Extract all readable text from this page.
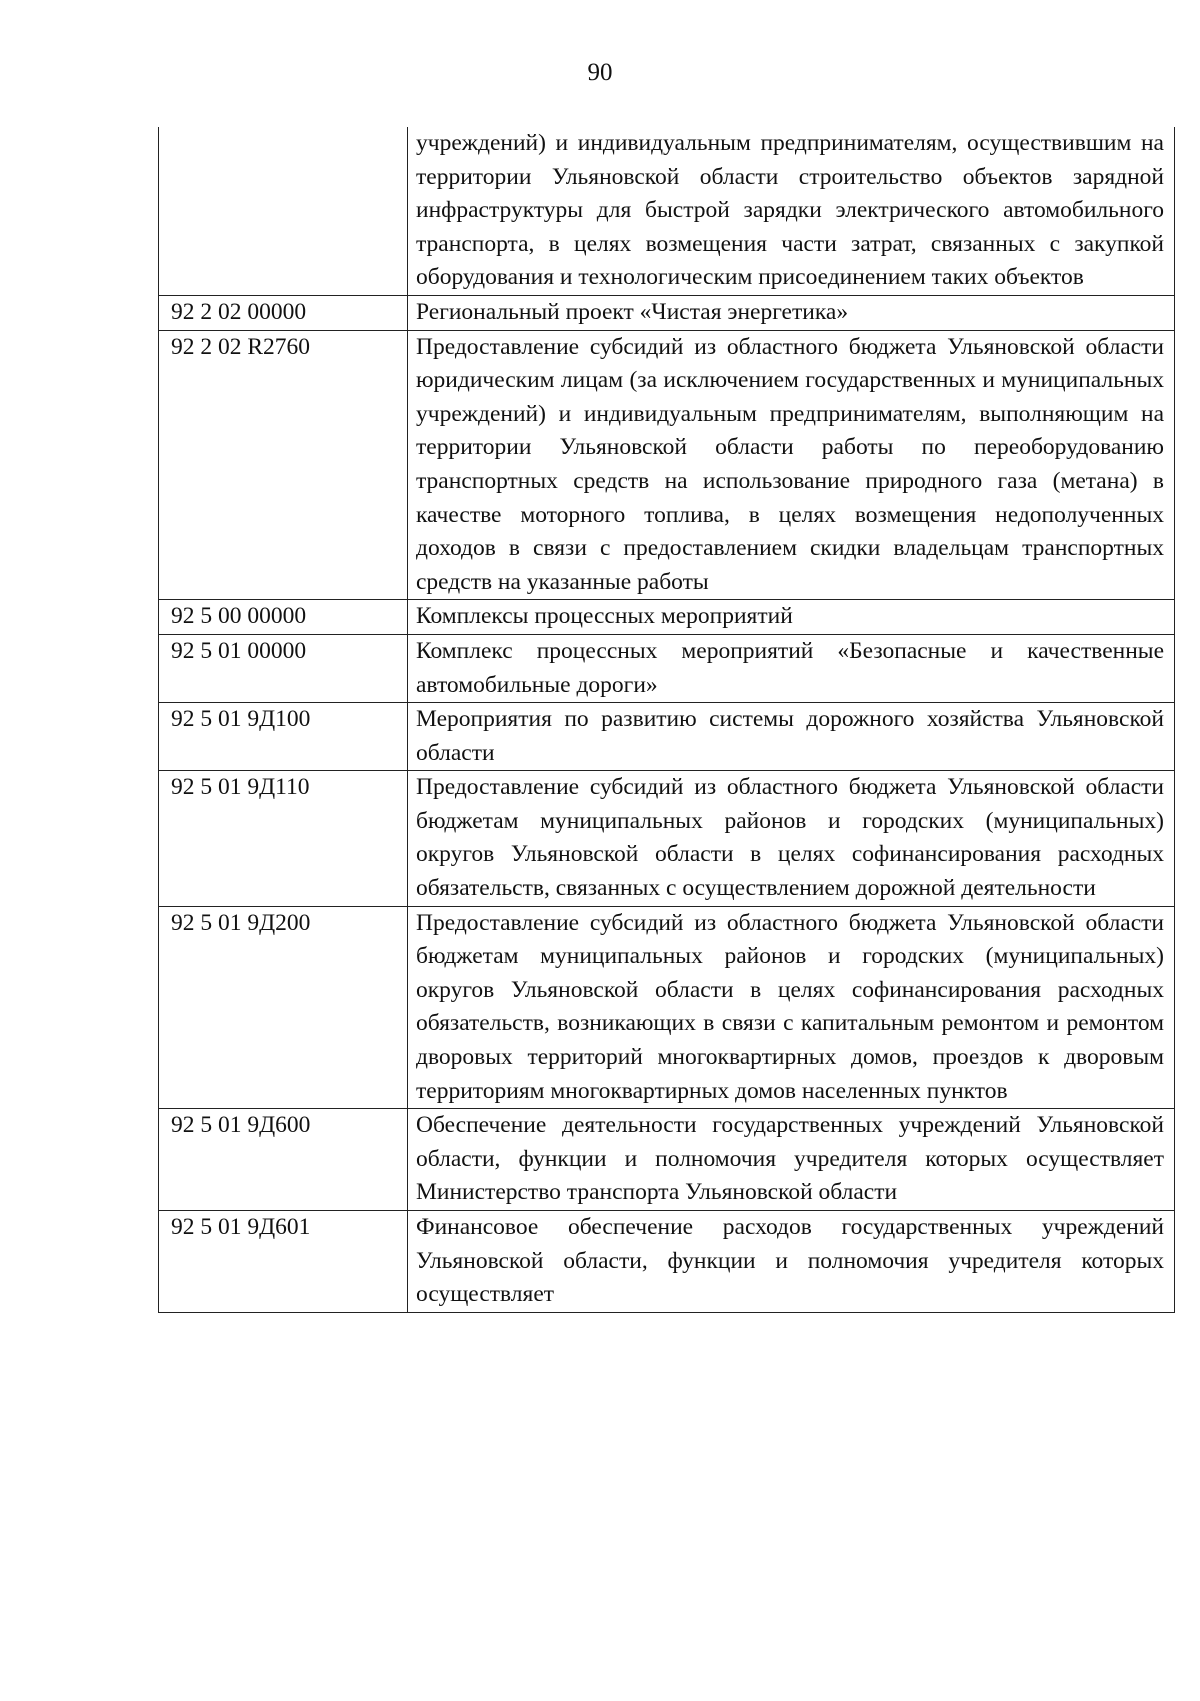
90
	учреждений) и индивидуальным предпринимателям, осуществившим на территории Ульяновской области строительство объектов зарядной инфраструктуры для быстрой зарядки электрического автомобильного транспорта, в целях возмещения части затрат, связанных с закупкой оборудования и технологическим присоединением таких объектов
92 2 02 00000	Региональный проект «Чистая энергетика»
92 2 02 R2760	Предоставление субсидий из областного бюджета Ульяновской области юридическим лицам (за исключением государственных и муниципальных учреждений) и индивидуальным предпринимателям, выполняющим на территории Ульяновской области работы по переоборудованию транспортных средств на использование природного газа (метана) в качестве моторного топлива, в целях возмещения недополученных доходов в связи с предоставлением скидки владельцам транспортных средств на указанные работы
92 5 00 00000	Комплексы процессных мероприятий
92 5 01 00000	Комплекс процессных мероприятий «Безопасные и качественные автомобильные дороги»
92 5 01 9Д100	Мероприятия по развитию системы дорожного хозяйства Ульяновской области
92 5 01 9Д110	Предоставление субсидий из областного бюджета Ульяновской области бюджетам муниципальных районов и городских (муниципальных) округов Ульяновской области в целях софинансирования расходных обязательств, связанных с осуществлением дорожной деятельности
92 5 01 9Д200	Предоставление субсидий из областного бюджета Ульяновской области бюджетам муниципальных районов и городских (муниципальных) округов Ульяновской области в целях софинансирования расходных обязательств, возникающих в связи с капитальным ремонтом и ремонтом дворовых территорий многоквартирных домов, проездов к дворовым территориям многоквартирных домов населенных пунктов
92 5 01 9Д600	Обеспечение деятельности государственных учреждений Ульяновской области, функции и полномочия учредителя которых осуществляет Министерство транспорта Ульяновской области
92 5 01 9Д601	Финансовое обеспечение расходов государственных учреждений Ульяновской области, функции и полномочия учредителя которых осуществляет
